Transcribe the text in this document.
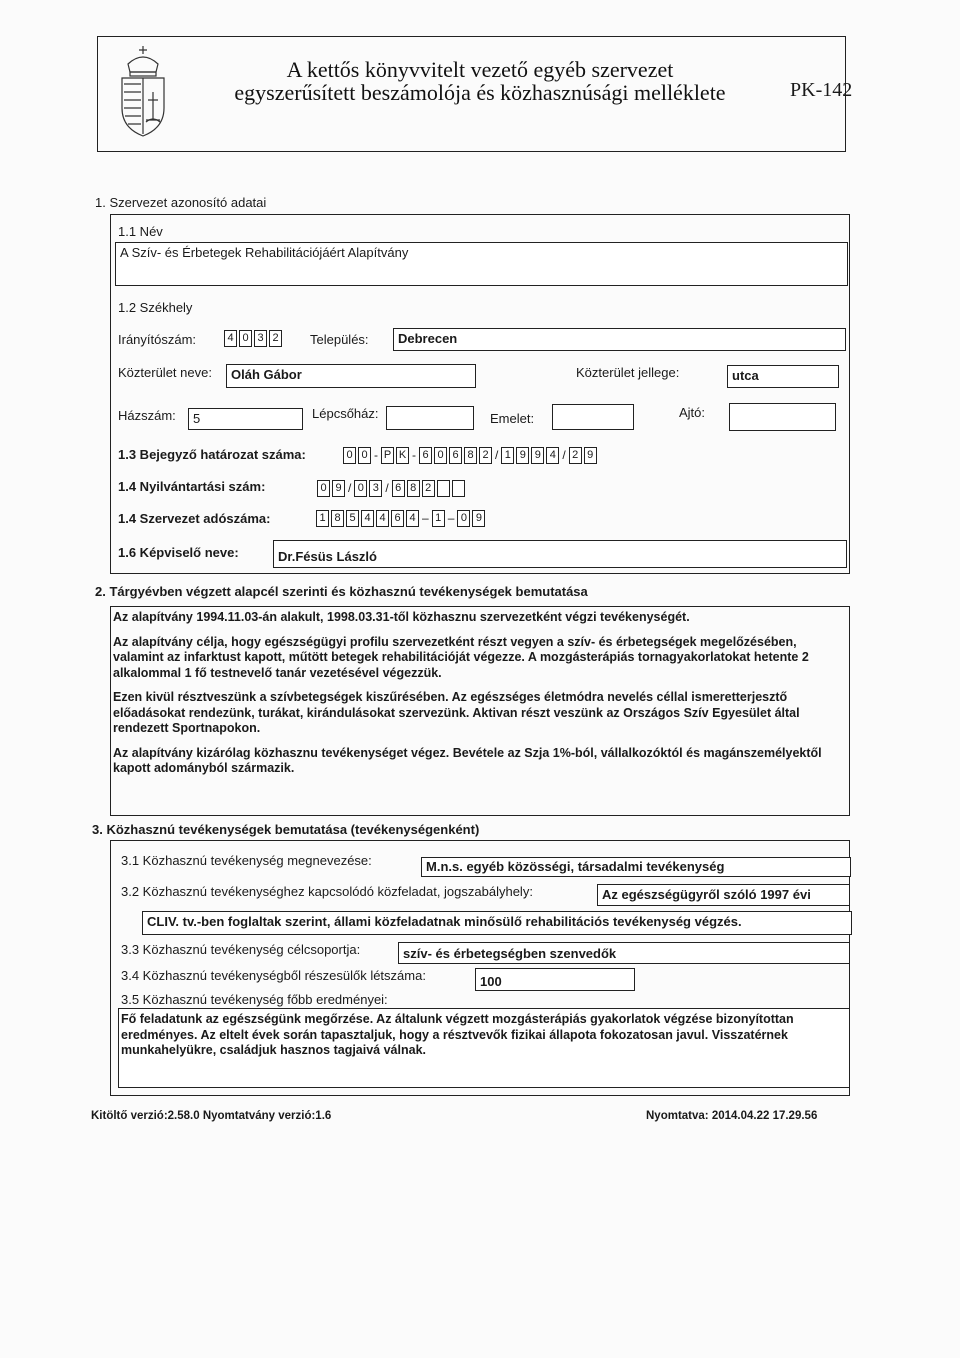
A kettős könyvvitelt vezető egyéb szervezet
egyszerűsített beszámolója és közhasznúsági melléklete	PK-142
1. Szervezet azonosító adatai
1.1 Név
A Szív- és Érbetegek Rehabilitációjáért Alapítvány
1.2 Székhely
Irányítószám:	4 0 3 2 Település:	Debrecen
Közterület neve:	Oláh Gábor	Közterület jellege:	utca
Házszám:	5	Lépcsőház:	Emelet:	Ajtó:
1.3 Bejegyző határozat száma:	0 0 - P K - 6 0 6 8 2 / 1 9 9 4 / 2 9
1.4 Nyilvántartási szám:	0 9 / 0 3 / 6 8 2
1.4 Szervezet adószáma:	1 8 5 4 4 6 4 – 1 – 0 9
1.6 Képviselő neve:	Dr.Fésüs László
2. Tárgyévben végzett alapcél szerinti és közhasznú tevékenységek bemutatása

Az alapítvány 1994.11.03-án alakult, 1998.03.31-től közhasznu szervezetként végzi tevékenységét.

Az alapítvány célja, hogy egészségügyi profilu szervezetként részt vegyen a szív- és érbetegségek megelőzésében, valamint az infarktust kapott, műtött betegek rehabilitációját végezze. A mozgásterápiás tornagyakorlatokat hetente 2 alkalommal 1 fő testnevelő tanár vezetésével végezzük.

Ezen kivül résztveszünk a szívbetegségek kiszűrésében. Az egészséges életmódra nevelés céllal ismeretterjesztő előadásokat rendezünk, turákat, kirándulásokat szervezünk. Aktivan részt veszünk az Országos Szív Egyesület által rendezett Sportnapokon.

Az alapítvány kizárólag közhasznu tevékenységet végez. Bevétele az Szja 1%-ból, vállalkozóktól és magánszemélyektől kapott adományból származik.

3. Közhasznú tevékenységek bemutatása (tevékenységenként)
3.1 Közhasznú tevékenység megnevezése:	M.n.s. egyéb közösségi, társadalmi tevékenység
3.2 Közhasznú tevékenységhez kapcsolódó közfeladat, jogszabályhely:	Az egészségügyről szóló 1997 évi
CLIV. tv.-ben foglaltak szerint, állami közfeladatnak minősülő rehabilitációs tevékenység végzés.
3.3 Közhasznú tevékenység célcsoportja:	szív- és érbetegségben szenvedők
3.4 Közhasznú tevékenységből részesülők létszáma:	100
3.5 Közhasznú tevékenység főbb eredményei:

Fő feladatunk az egészségünk megőrzése. Az általunk végzett mozgásterápiás gyakorlatok végzése bizonyítottan eredményes. Az eltelt évek során tapasztaljuk, hogy a résztvevők fizikai állapota fokozatosan javul. Visszatérnek munkahelyükre, családjuk hasznos tagjaivá válnak.

Kitöltő verzió:2.58.0 Nyomtatvány verzió:1.6	Nyomtatva: 2014.04.22 17.29.56
